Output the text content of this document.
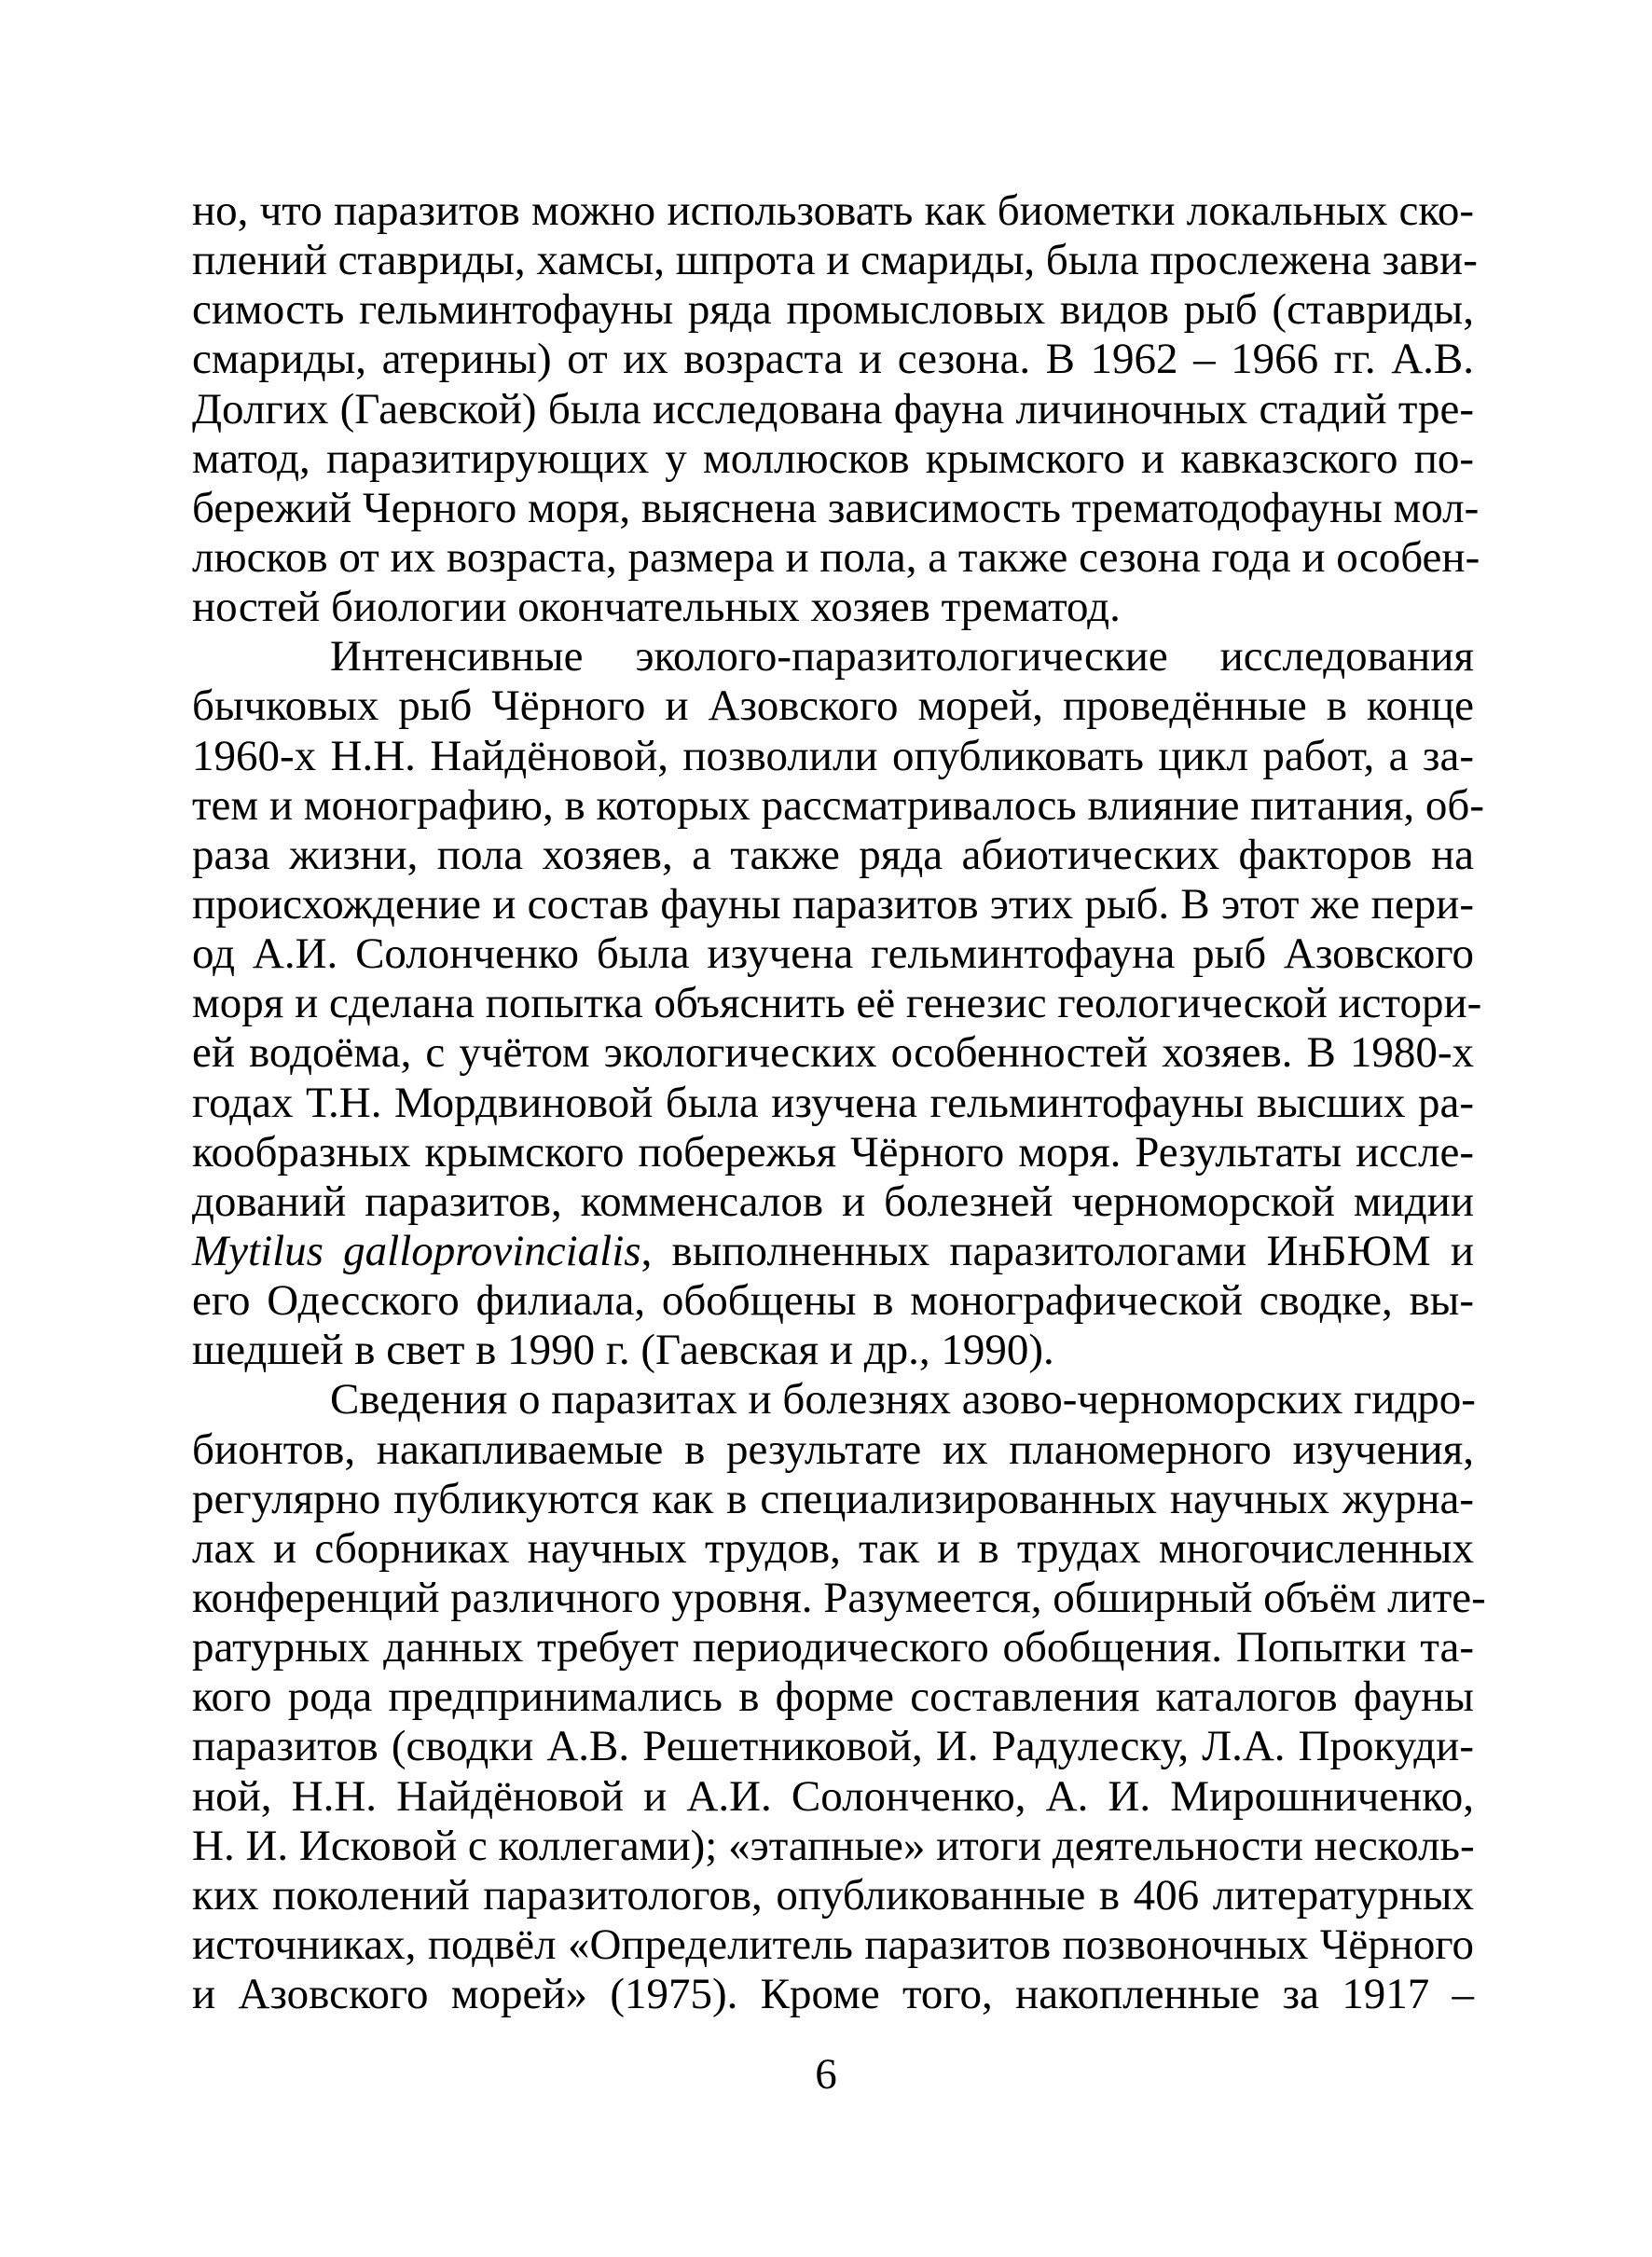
но, что паразитов можно использовать как биометки локальных ско-
плений ставриды, хамсы, шпрота и смариды, была прослежена зави-
симость гельминтофауны ряда промысловых видов рыб (ставриды,
смариды, атерины) от их возраста и сезона. В 1962 – 1966 гг. А.В.
Долгих (Гаевской) была исследована фауна личиночных стадий тре-
матод, паразитирующих у моллюсков крымского и кавказского по-
бережий Черного моря, выяснена зависимость трематодофауны мол-
люсков от их возраста, размера и пола, а также сезона года и особен-
ностей биологии окончательных хозяев трематод.
Интенсивные эколого-паразитологические исследования
бычковых рыб Чёрного и Азовского морей, проведённые в конце
1960-х Н.Н. Найдёновой, позволили опубликовать цикл работ, а за-
тем и монографию, в которых рассматривалось влияние питания, об-
раза жизни, пола хозяев, а также ряда абиотических факторов на
происхождение и состав фауны паразитов этих рыб. В этот же пери-
од А.И. Солонченко была изучена гельминтофауна рыб Азовского
моря и сделана попытка объяснить её генезис геологической истори-
ей водоёма, с учётом экологических особенностей хозяев. В 1980-х
годах Т.Н. Мордвиновой была изучена гельминтофауны высших ра-
кообразных крымского побережья Чёрного моря. Результаты иссле-
дований паразитов, комменсалов и болезней черноморской мидии
Mytilus galloprovincialis, выполненных паразитологами ИнБЮМ и
его Одесского филиала, обобщены в монографической сводке, вы-
шедшей в свет в 1990 г. (Гаевская и др., 1990).
Сведения о паразитах и болезнях азово-черноморских гидро-
бионтов, накапливаемые в результате их планомерного изучения,
регулярно публикуются как в специализированных научных журна-
лах и сборниках научных трудов, так и в трудах многочисленных
конференций различного уровня. Разумеется, обширный объём лите-
ратурных данных требует периодического обобщения. Попытки та-
кого рода предпринимались в форме составления каталогов фауны
паразитов (сводки А.В. Решетниковой, И. Радулеску, Л.А. Прокуди-
ной, Н.Н. Найдёновой и А.И. Солонченко, А. И. Мирошниченко,
Н. И. Исковой с коллегами); «этапные» итоги деятельности несколь-
ких поколений паразитологов, опубликованные в 406 литературных
источниках, подвёл «Определитель паразитов позвоночных Чёрного
и Азовского морей» (1975). Кроме того, накопленные за 1917 –
6
